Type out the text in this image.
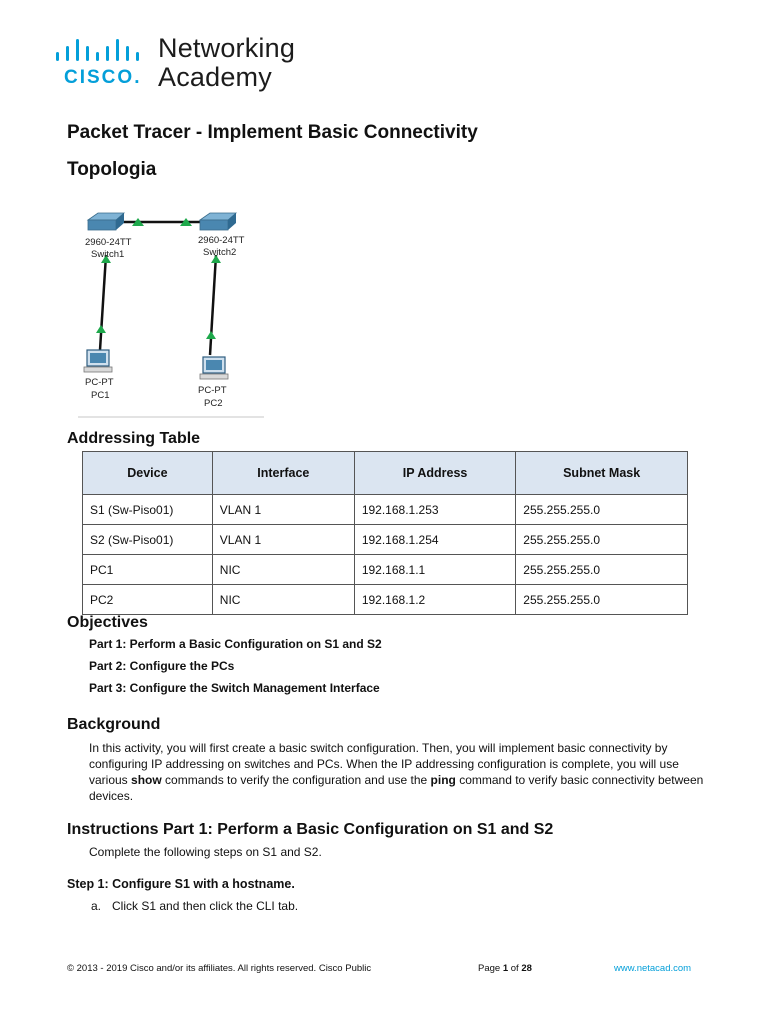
CISCO.
Networking
Academy
Packet Tracer - Implement Basic Connectivity
Topologia
2960-24TT
Switch1
2960-24TT
Switch2
PC-PT
PC1	PC-PT
PC2
Addressing Table
Device	Interface	IP Address	Subnet Mask
S1 (Sw-Piso01)	VLAN 1	192.168.1.253	255.255.255.0
S2 (Sw-Piso01)	VLAN 1	192.168.1.254	255.255.255.0
PC1	NIC	192.168.1.1	255.255.255.0
PC2	NIC	192.168.1.2	255.255.255.0
Objectives

Part 1: Perform a Basic Configuration on S1 and S2

Part 2: Configure the PCs

Part 3: Configure the Switch Management Interface

Background

In this activity, you will first create a basic switch configuration. Then, you will implement basic connectivity by configuring IP addressing on switches and PCs. When the IP addressing configuration is complete, you will use various show commands to verify the configuration and use the ping command to verify basic connectivity between devices.

Instructions Part 1: Perform a Basic Configuration on S1 and S2

Complete the following steps on S1 and S2.

Step 1: Configure S1 with a hostname.

a. Click S1 and then click the CLI tab.

© 2013 - 2019 Cisco and/or its affiliates. All rights reserved. Cisco Public	Page 1 of 28	www.netacad.com
